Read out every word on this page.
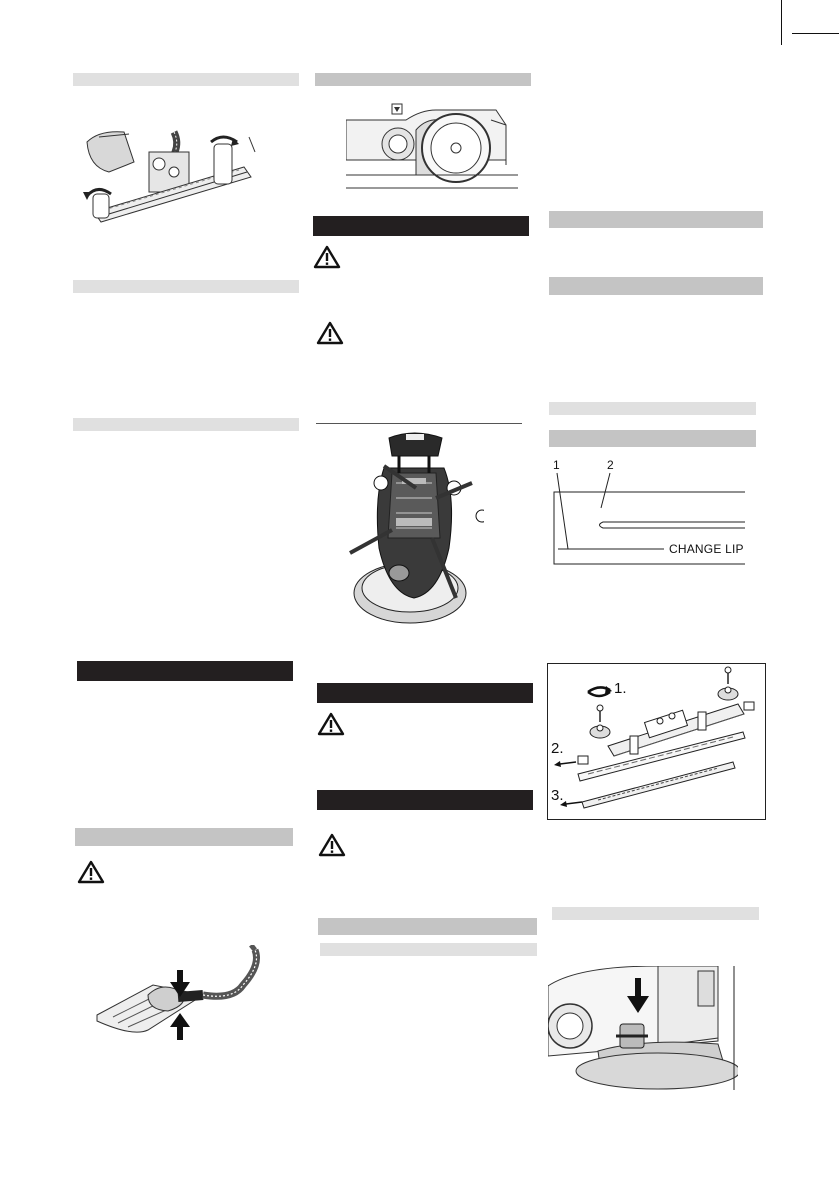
1	2
CHANGE LIP
1.
2.
3.
